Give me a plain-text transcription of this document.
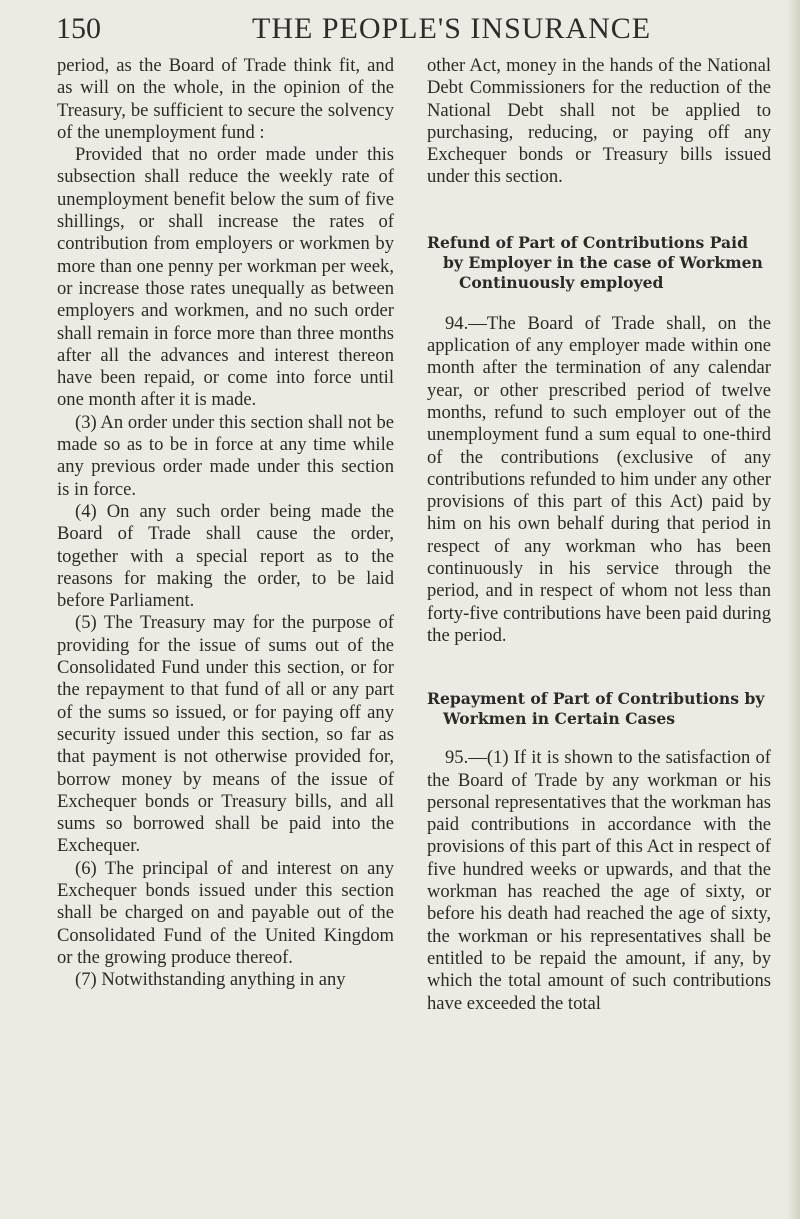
150	THE PEOPLE'S INSURANCE

period, as the Board of Trade think fit, and as will on the whole, in the opinion of the Treasury, be sufficient to secure the solvency of the unemployment fund :

Provided that no order made under this subsection shall reduce the weekly rate of unemployment benefit below the sum of five shillings, or shall increase the rates of contribution from employers or workmen by more than one penny per workman per week, or increase those rates unequally as between employers and workmen, and no such order shall remain in force more than three months after all the advances and interest thereon have been repaid, or come into force until one month after it is made.

(3) An order under this section shall not be made so as to be in force at any time while any previous order made under this section is in force.

(4) On any such order being made the Board of Trade shall cause the order, together with a special report as to the reasons for making the order, to be laid before Parliament.

(5) The Treasury may for the purpose of providing for the issue of sums out of the Consolidated Fund under this section, or for the repayment to that fund of all or any part of the sums so issued, or for paying off any security issued under this section, so far as that payment is not otherwise provided for, borrow money by means of the issue of Exchequer bonds or Treasury bills, and all sums so borrowed shall be paid into the Exchequer.

(6) The principal of and interest on any Exchequer bonds issued under this section shall be charged on and payable out of the Consolidated Fund of the United Kingdom or the growing produce thereof.

(7) Notwithstanding anything in any

other Act, money in the hands of the National Debt Commissioners for the reduction of the National Debt shall not be applied to purchasing, reducing, or paying off any Exchequer bonds or Treasury bills issued under this section.

Refund of Part of Contributions Paid

by Employer in the case of Workmen
Continuously employed

94.—The Board of Trade shall, on the application of any employer made within one month after the termination of any calendar year, or other prescribed period of twelve months, refund to such employer out of the unemployment fund a sum equal to one-third of the contributions (exclusive of any contributions refunded to him under any other provisions of this part of this Act) paid by him on his own behalf during that period in respect of any workman who has been continuously in his service through the period, and in respect of whom not less than forty-five contributions have been paid during the period.

Repayment of Part of Contributions by

Workmen in Certain Cases

95.—(1) If it is shown to the satisfaction of the Board of Trade by any workman or his personal representatives that the workman has paid contributions in accordance with the provisions of this part of this Act in respect of five hundred weeks or upwards, and that the workman has reached the age of sixty, or before his death had reached the age of sixty, the workman or his representatives shall be entitled to be repaid the amount, if any, by which the total amount of such contributions have exceeded the total
